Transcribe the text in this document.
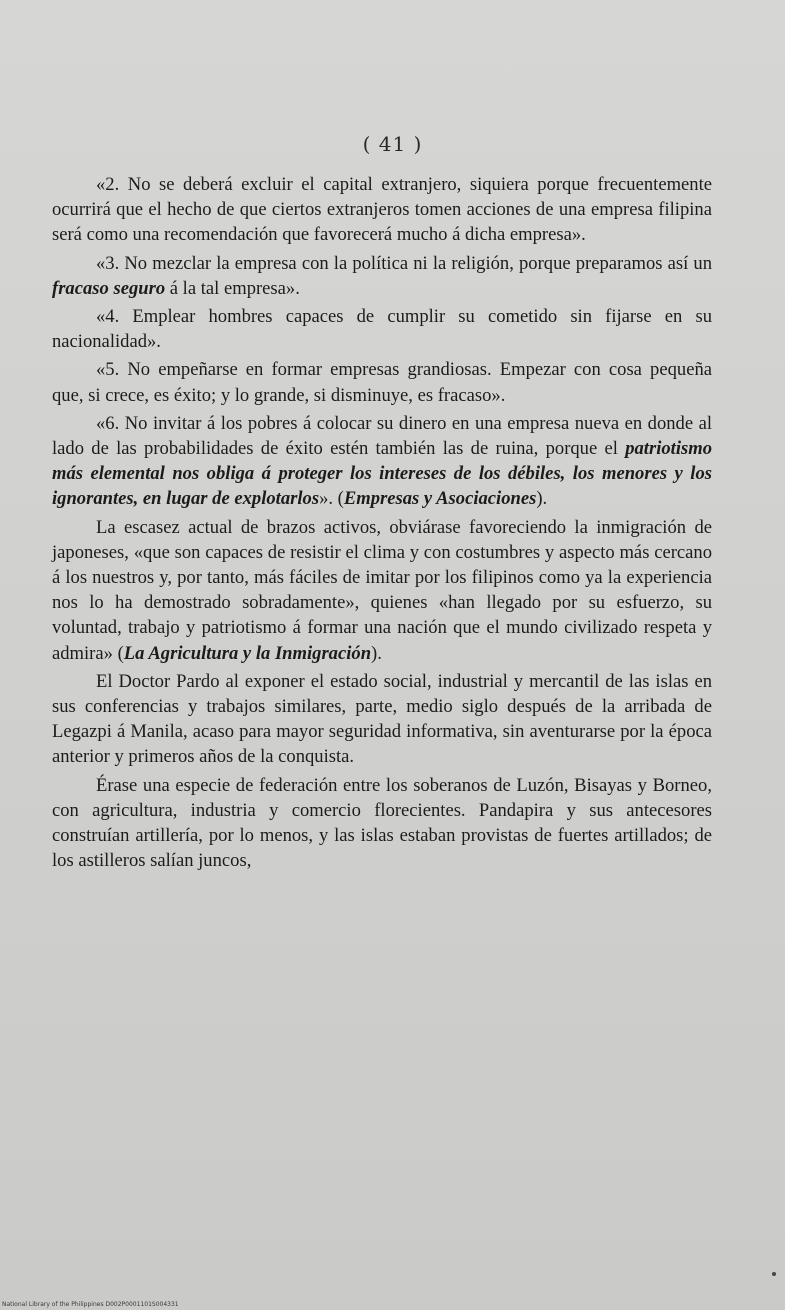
( 41 )

«2. No se deberá excluir el capital extranjero, siquiera porque frecuentemente ocurrirá que el hecho de que ciertos extranjeros tomen acciones de una empresa filipina será como una recomendación que favorecerá mucho á dicha empresa».

«3. No mezclar la empresa con la política ni la religión, porque preparamos así un fracaso seguro á la tal empresa».

«4. Emplear hombres capaces de cumplir su cometido sin fijarse en su nacionalidad».

«5. No empeñarse en formar empresas grandiosas. Empezar con cosa pequeña que, si crece, es éxito; y lo grande, si disminuye, es fracaso».

«6. No invitar á los pobres á colocar su dinero en una empresa nueva en donde al lado de las probabilidades de éxito estén también las de ruina, porque el patriotismo más elemental nos obliga á proteger los intereses de los débiles, los menores y los ignorantes, en lugar de explotarlos». (Empresas y Asociaciones).

La escasez actual de brazos activos, obviárase favoreciendo la inmigración de japoneses, «que son capaces de resistir el clima y con costumbres y aspecto más cercano á los nuestros y, por tanto, más fáciles de imitar por los filipinos como ya la experiencia nos lo ha demostrado sobradamente», quienes «han llegado por su esfuerzo, su voluntad, trabajo y patriotismo á formar una nación que el mundo civilizado respeta y admira» (La Agricultura y la Inmigración).

El Doctor Pardo al exponer el estado social, industrial y mercantil de las islas en sus conferencias y trabajos similares, parte, medio siglo después de la arribada de Legazpi á Manila, acaso para mayor seguridad informativa, sin aventurarse por la época anterior y primeros años de la conquista.

Érase una especie de federación entre los soberanos de Luzón, Bisayas y Borneo, con agricultura, industria y comercio florecientes. Pandapira y sus antecesores construían artillería, por lo menos, y las islas estaban provistas de fuertes artillados; de los astilleros salían juncos,

National Library of the Philippines D002P0001101S004331
